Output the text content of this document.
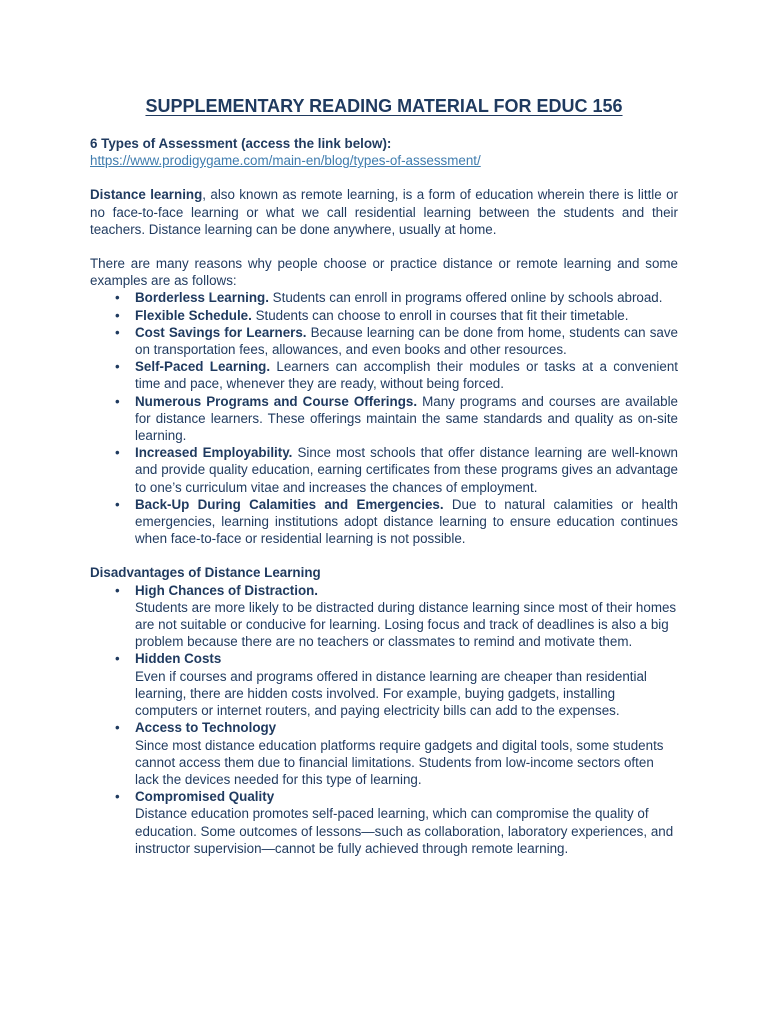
SUPPLEMENTARY READING MATERIAL FOR EDUC 156

6 Types of Assessment (access the link below):

https://www.prodigygame.com/main-en/blog/types-of-assessment/

Distance learning, also known as remote learning, is a form of education wherein there is little or no face-to-face learning or what we call residential learning between the students and their teachers. Distance learning can be done anywhere, usually at home.

There are many reasons why people choose or practice distance or remote learning and some examples are as follows:

• Borderless Learning. Students can enroll in programs offered online by schools abroad.
• Flexible Schedule. Students can choose to enroll in courses that fit their timetable.
• Cost Savings for Learners. Because learning can be done from home, students can save on transportation fees, allowances, and even books and other resources.
• Self-Paced Learning. Learners can accomplish their modules or tasks at a convenient time and pace, whenever they are ready, without being forced.
• Numerous Programs and Course Offerings. Many programs and courses are available for distance learners. These offerings maintain the same standards and quality as on-site learning.
• Increased Employability. Since most schools that offer distance learning are well-known and provide quality education, earning certificates from these programs gives an advantage to one’s curriculum vitae and increases the chances of employment.
• Back-Up During Calamities and Emergencies. Due to natural calamities or health emergencies, learning institutions adopt distance learning to ensure education continues when face-to-face or residential learning is not possible.

Disadvantages of Distance Learning

• High Chances of Distraction.
Students are more likely to be distracted during distance learning since most of their homes are not suitable or conducive for learning. Losing focus and track of deadlines is also a big problem because there are no teachers or classmates to remind and motivate them.
• Hidden Costs
Even if courses and programs offered in distance learning are cheaper than residential learning, there are hidden costs involved. For example, buying gadgets, installing computers or internet routers, and paying electricity bills can add to the expenses.
• Access to Technology
Since most distance education platforms require gadgets and digital tools, some students cannot access them due to financial limitations. Students from low-income sectors often lack the devices needed for this type of learning.
• Compromised Quality
Distance education promotes self-paced learning, which can compromise the quality of education. Some outcomes of lessons—such as collaboration, laboratory experiences, and instructor supervision—cannot be fully achieved through remote learning.
